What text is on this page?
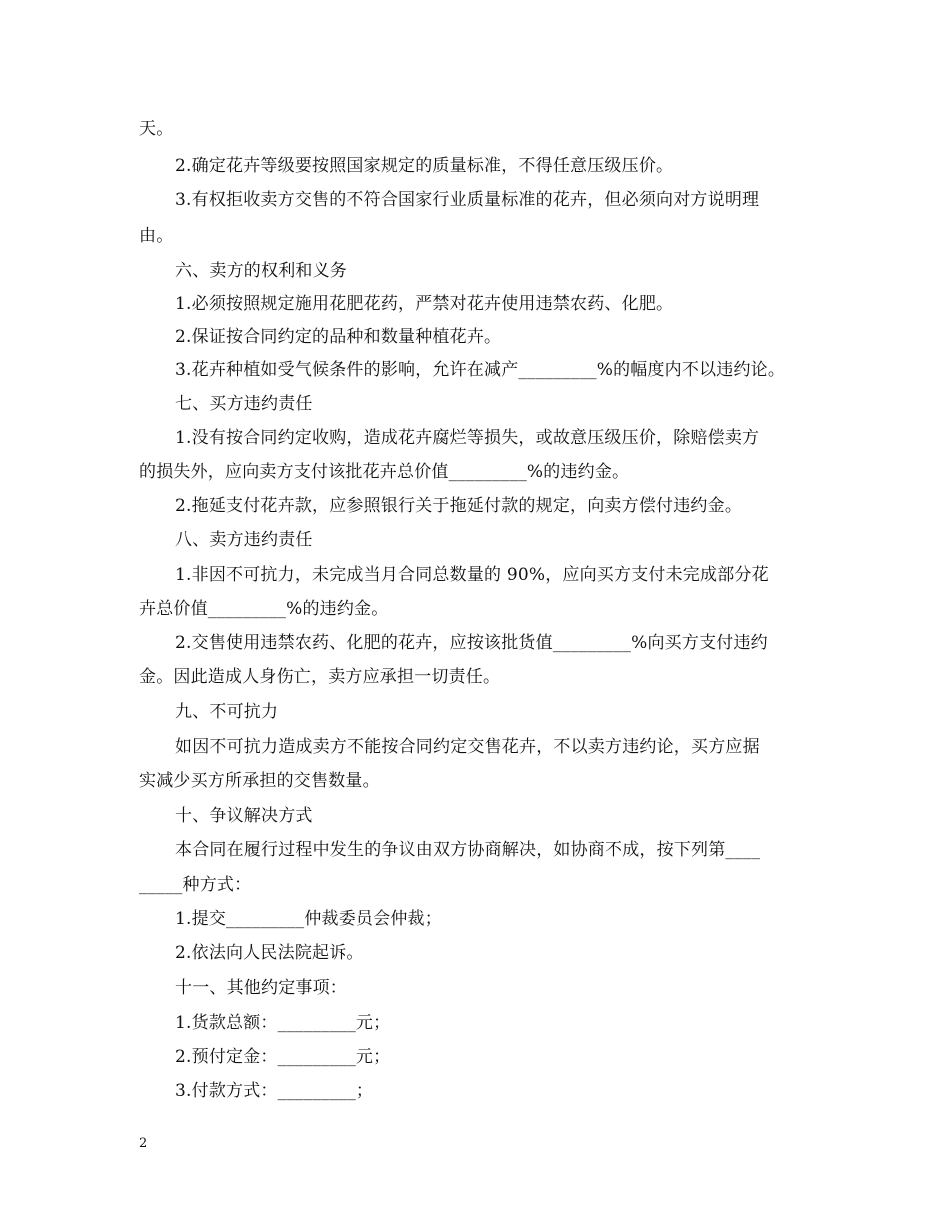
天。
2.确定花卉等级要按照国家规定的质量标准，不得任意压级压价。
3.有权拒收卖方交售的不符合国家行业质量标准的花卉，但必须向对方说明理
由。
六、卖方的权利和义务
1.必须按照规定施用花肥花药，严禁对花卉使用违禁农药、化肥。
2.保证按合同约定的品种和数量种植花卉。
3.花卉种植如受气候条件的影响，允许在减产_________%的幅度内不以违约论。
七、买方违约责任
1.没有按合同约定收购，造成花卉腐烂等损失，或故意压级压价，除赔偿卖方
的损失外，应向卖方支付该批花卉总价值_________%的违约金。
2.拖延支付花卉款，应参照银行关于拖延付款的规定，向卖方偿付违约金。
八、卖方违约责任
1.非因不可抗力，未完成当月合同总数量的 90%，应向买方支付未完成部分花
卉总价值_________%的违约金。
2.交售使用违禁农药、化肥的花卉，应按该批货值_________%向买方支付违约
金。因此造成人身伤亡，卖方应承担一切责任。
九、不可抗力
如因不可抗力造成卖方不能按合同约定交售花卉，不以卖方违约论，买方应据
实减少买方所承担的交售数量。
十、争议解决方式
本合同在履行过程中发生的争议由双方协商解决，如协商不成，按下列第____
_____种方式：
1.提交_________仲裁委员会仲裁；
2.依法向人民法院起诉。
十一、其他约定事项：
1.货款总额：_________元；
2.预付定金：_________元；
3.付款方式：_________；
2
